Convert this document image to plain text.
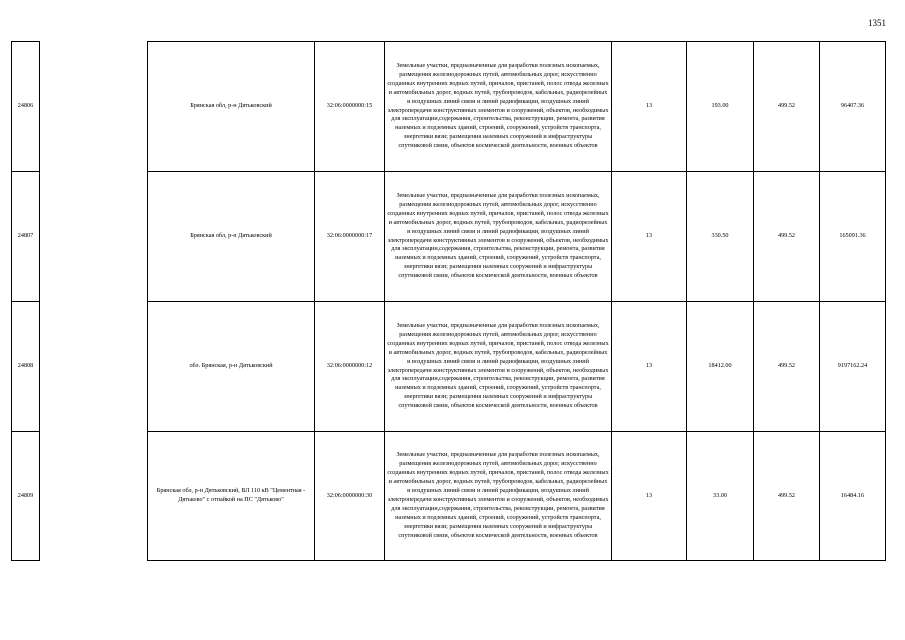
1351
24806		Брянская обл, р-н Дятьковский	32:06:0000000:15	Земельные участки, предназначенные для разработки полезных ископаемых, размещения железнодорожных путей, автомобильных дорог, искусственно созданных внутренних водных путей, причалов, пристаней, полос отвода железных и автомобильных дорог, водных путей, трубопроводов, кабельных, радиорелейных и воздушных линий связи и линий радиофикации, воздушных линий электропередачи конструктивных элементов и сооружений, объектов, необходимых для эксплуатации,содержания, строительства, реконструкции, ремонта, развития наземных и подземных зданий, строений, сооружений, устройств транспорта, энергетики вязи; размещения наземных сооружений и инфраструктуры спутниковой связи, объектов космической деятельности, военных объектов	13	193.00	499.52	96407.36
24807		Брянская обл, р-н Дятьковский	32:06:0000000:17	Земельные участки, предназначенные для разработки полезных ископаемых, размещения железнодорожных путей, автомобильных дорог, искусственно созданных внутренних водных путей, причалов, пристаней, полос отвода железных и автомобильных дорог, водных путей, трубопроводов, кабельных, радиорелейных и воздушных линий связи и линий радиофикации, воздушных линий электропередачи конструктивных элементов и сооружений, объектов, необходимых для эксплуатации,содержания, строительства, реконструкции, ремонта, развития наземных и подземных зданий, строений, сооружений, устройств транспорта, энергетики вязи; размещения наземных сооружений и инфраструктуры спутниковой связи, объектов космической деятельности, военных объектов	13	330.50	499.52	165091.36
24808		обл. Брянская, р-н Дятьковский	32:06:0000000:12	Земельные участки, предназначенные для разработки полезных ископаемых, размещения железнодорожных путей, автомобильных дорог, искусственно созданных внутренних водных путей, причалов, пристаней, полос отвода железных и автомобильных дорог, водных путей, трубопроводов, кабельных, радиорелейных и воздушных линий связи и линий радиофикации, воздушных линий электропередачи конструктивных элементов и сооружений, объектов, необходимых для эксплуатации,содержания, строительства, реконструкции, ремонта, развития наземных и подземных зданий, строений, сооружений, устройств транспорта, энергетики вязи; размещения наземных сооружений и инфраструктуры спутниковой связи, объектов космической деятельности, военных объектов	13	18412.00	499.52	9197162.24
24809		Брянская обл, р-н Дятьковский, ВЛ 110 кВ "Цементная - Дятьково" с отпайкой на ПС "Дятьково"	32:06:0000000:30	Земельные участки, предназначенные для разработки полезных ископаемых, размещения железнодорожных путей, автомобильных дорог, искусственно созданных внутренних водных путей, причалов, пристаней, полос отвода железных и автомобильных дорог, водных путей, трубопроводов, кабельных, радиорелейных и воздушных линий связи и линий радиофикации, воздушных линий электропередачи конструктивных элементов и сооружений, объектов, необходимых для эксплуатации,содержания, строительства, реконструкции, ремонта, развития наземных и подземных зданий, строений, сооружений, устройств транспорта, энергетики вязи; размещения наземных сооружений и инфраструктуры спутниковой связи, объектов космической деятельности, военных объектов	13	33.00	499.52	16484.16
